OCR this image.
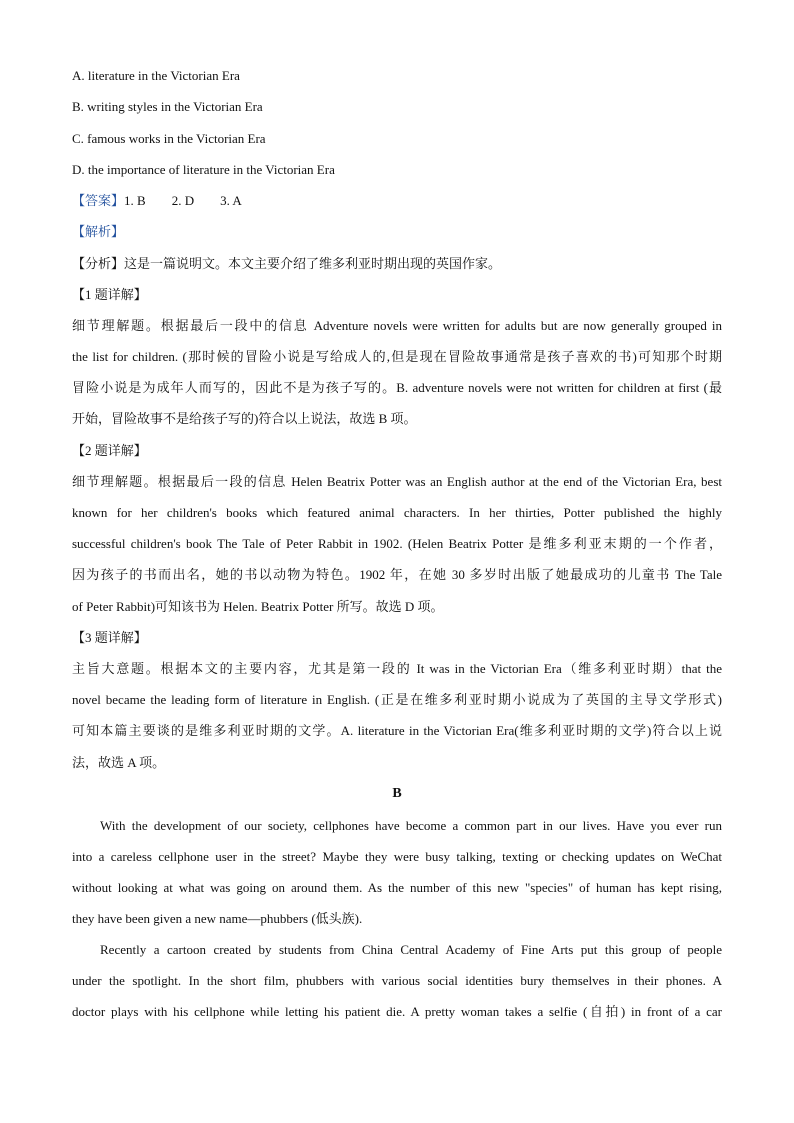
A. literature in the Victorian Era
B. writing styles in the Victorian Era
C. famous works in the Victorian Era
D. the importance of literature in the Victorian Era
【答案】1. B 2. D 3. A
【解析】
【分析】这是一篇说明文。本文主要介绍了维多利亚时期出现的英国作家。
【1 题详解】
细节理解题。根据最后一段中的信息 Adventure novels were written for adults but are now generally grouped in
the list for children. (那时候的冒险小说是写给成人的,但是现在冒险故事通常是孩子喜欢的书)可知那个时期
冒险小说是为成年人而写的，因此不是为孩子写的。B. adventure novels were not written for children at first (最
开始，冒险故事不是给孩子写的)符合以上说法，故选 B 项。
【2 题详解】
细节理解题。根据最后一段的信息 Helen Beatrix Potter was an English author at the end of the Victorian Era, best
known for her children's books which featured animal characters. In her thirties, Potter published the highly
successful children's book The Tale of Peter Rabbit in 1902. (Helen Beatrix Potter 是维多利亚末期的一个作者，
因为孩子的书而出名，她的书以动物为特色。1902 年，在她 30 多岁时出版了她最成功的儿童书 The Tale
of Peter Rabbit)可知该书为 Helen. Beatrix Potter 所写。故选 D 项。
【3 题详解】
主旨大意题。根据本文的主要内容，尤其是第一段的 It was in the Victorian Era（维多利亚时期）that the
novel became the leading form of literature in English. (正是在维多利亚时期小说成为了英国的主导文学形式)
可知本篇主要谈的是维多利亚时期的文学。A. literature in the Victorian Era(维多利亚时期的文学)符合以上说
法，故选 A 项。
B
With the development of our society, cellphones have become a common part in our lives. Have you ever run
into a careless cellphone user in the street? Maybe they were busy talking, texting or checking updates on WeChat
without looking at what was going on around them. As the number of this new "species" of human has kept rising,
they have been given a new name—phubbers (低头族).
Recently a cartoon created by students from China Central Academy of Fine Arts put this group of people
under the spotlight. In the short film, phubbers with various social identities bury themselves in their phones. A
doctor plays with his cellphone while letting his patient die. A pretty woman takes a selfie (自拍) in front of a car
